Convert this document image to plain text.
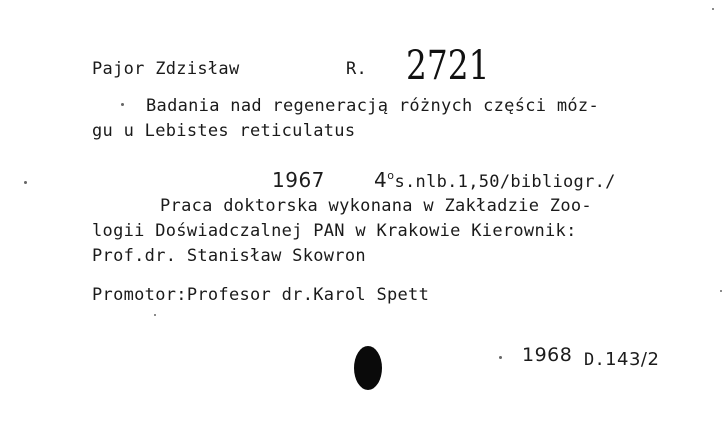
Pajor Zdzisław	R. 2721
Badania nad regeneracją różnych części móz-
gu u Lebistes reticulatus
1967 4$^o$s.nlb.1,50/bibliogr./
Praca doktorska wykonana w Zakładzie Zoo-
logii Doświadczalnej PAN w Krakowie Kierownik:
Prof.dr. Stanisław Skowron
Promotor:Profesor dr.Karol Spett
1968 D.143/2
